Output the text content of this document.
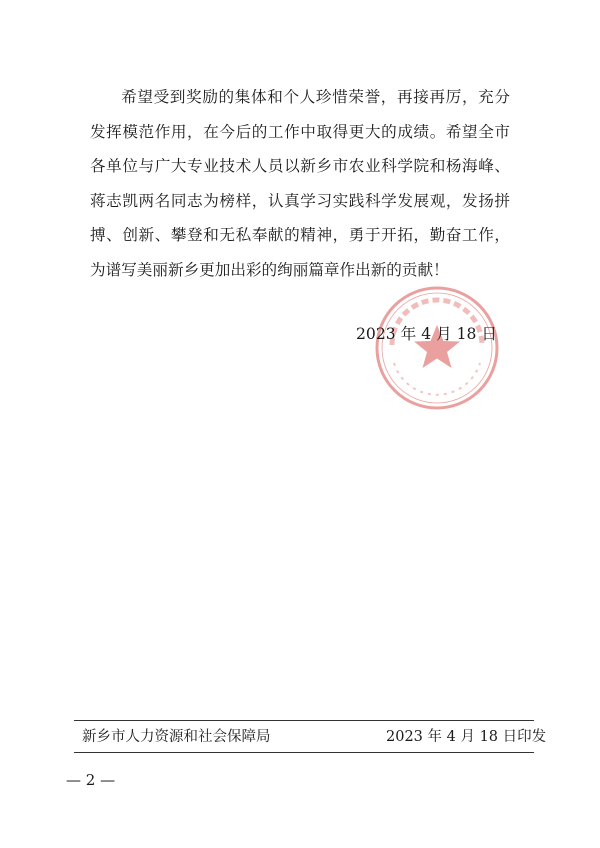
希望受到奖励的集体和个人珍惜荣誉，再接再厉，充分发挥模范作用，在今后的工作中取得更大的成绩。希望全市各单位与广大专业技术人员以新乡市农业科学院和杨海峰、蒋志凯两名同志为榜样，认真学习实践科学发展观，发扬拼搏、创新、攀登和无私奉献的精神，勇于开拓，勤奋工作，为谱写美丽新乡更加出彩的绚丽篇章作出新的贡献！

2023 年 4 月 18 日
新乡市人力资源和社会保障局	2023 年 4 月 18 日印发
— 2 —
